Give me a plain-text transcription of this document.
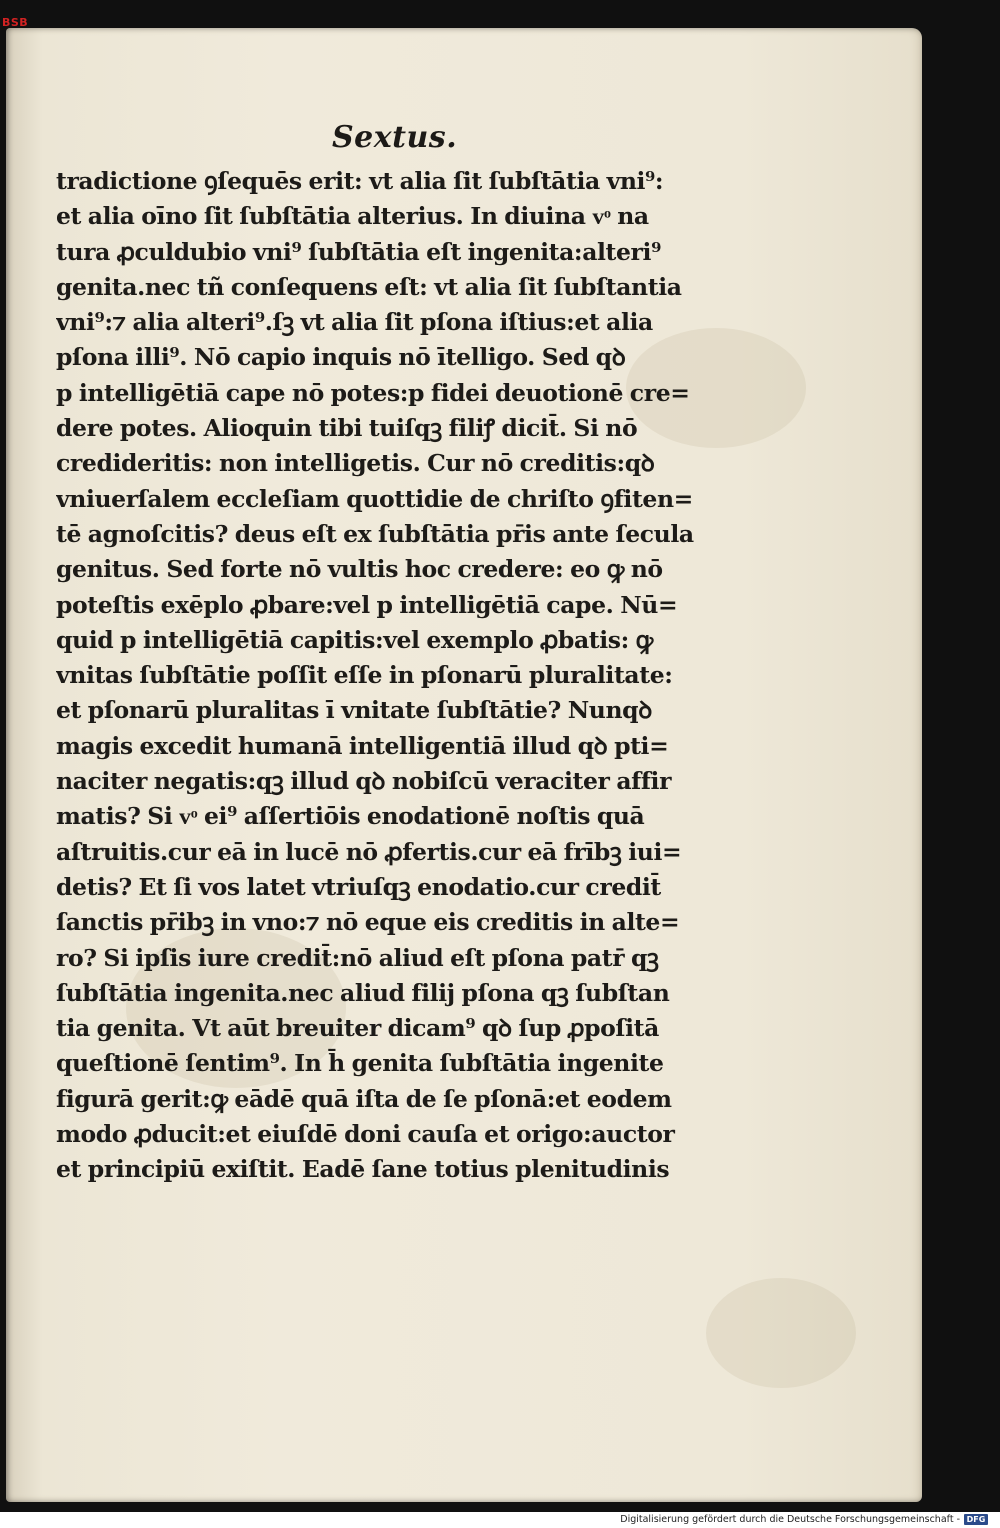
BSB
Sextus.
tradictione ꝯſequēs erit: vt alia ſit ſubſtātia vni⁹:
et alia oīno ſit ſubſtātia alterius. In diuina vͦ na
tura ꝓculdubio vni⁹ ſubſtātia eſt ingenita:alteri⁹
genita.nec tñ conſequens eſt: vt alia ſit ſubſtantia
vni⁹:⁊ alia alteri⁹.ſꝫ vt alia ſit pſona iſtius:et alia
pſona illi⁹. Nō capio inquis nō ītelligo. Sed qꝺ
p intelligētiā cape nō potes:p fidei deuotionē cre=
dere potes. Alioquin tibi tuiſqꝫ filiꝭ dicit̄. Si nō
credideritis: non intelligetis. Cur nō creditis:qꝺ
vniuerſalem eccleſiam quottidie de chriſto ꝯfiten=
tē agnoſcitis? deus eſt ex ſubſtātia pr̄is ante ſecula
genitus. Sed forte nō vultis hoc credere: eo ꝙ nō
poteſtis exēplo ꝓbare:vel p intelligētiā cape. Nū=
quid p intelligētiā capitis:vel exemplo ꝓbatis: ꝙ
vnitas ſubſtātie poſſit eſſe in pſonarū pluralitate:
et pſonarū pluralitas ī vnitate ſubſtātie? Nunqꝺ
magis excedit humanā intelligentiā illud qꝺ pti=
naciter negatis:qꝫ illud qꝺ nobiſcū veraciter affir
matis? Si vͦ ei⁹ aſſertiōis enodationē noſtis quā
aſtruitis.cur eā in lucē nō ꝓfertis.cur eā frībꝫ iui=
detis? Et ſi vos latet vtriuſqꝫ enodatio.cur credit̄
ſanctis pr̄ibꝫ in vno:⁊ nō eque eis creditis in alte=
ro? Si ipſis iure credit̄:nō aliud eſt pſona patr̄ qꝫ
ſubſtātia ingenita.nec aliud filij pſona qꝫ ſubſtan
tia genita. Vt aūt breuiter dicam⁹ qꝺ ſup ꝓpoſitā
queſtionē ſentim⁹. In h̄ genita ſubſtātia ingenite
figurā gerit:ꝙ eādē quā iſta de ſe pſonā:et eodem
modo ꝓducit:et eiuſdē doni cauſa et origo:auctor
et principiū exiſtit. Eadē ſane totius plenitudinis
Digitalisierung gefördert durch die Deutsche Forschungsgemeinschaft - DFG
